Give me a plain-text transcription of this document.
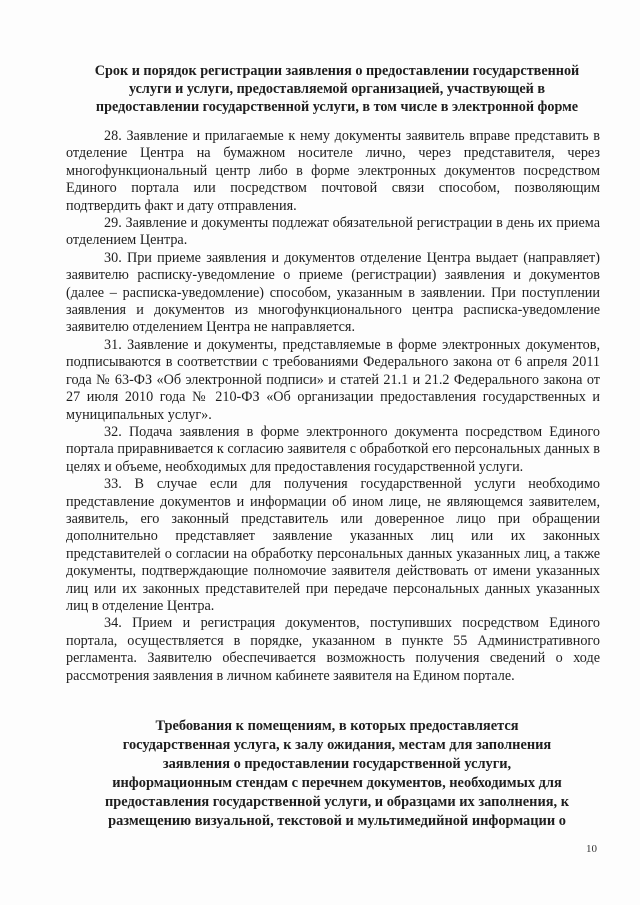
Срок и порядок регистрации заявления о предоставлении государственной
услуги и услуги, предоставляемой организацией, участвующей в
предоставлении государственной услуги, в том числе в электронной форме

28. Заявление и прилагаемые к нему документы заявитель вправе представить в отделение Центра на бумажном носителе лично, через представителя, через многофункциональный центр либо в форме электронных документов посредством Единого портала или посредством почтовой связи способом, позволяющим подтвердить факт и дату отправления.

29. Заявление и документы подлежат обязательной регистрации в день их приема отделением Центра.

30. При приеме заявления и документов отделение Центра выдает (направляет) заявителю расписку-уведомление о приеме (регистрации) заявления и документов (далее – расписка-уведомление) способом, указанным в заявлении. При поступлении заявления и документов из многофункционального центра расписка-уведомление заявителю отделением Центра не направляется.

31. Заявление и документы, представляемые в форме электронных документов, подписываются в соответствии с требованиями Федерального закона от 6 апреля 2011 года № 63-ФЗ «Об электронной подписи» и статей 21.1 и 21.2 Федерального закона от 27 июля 2010 года № 210-ФЗ «Об организации предоставления государственных и муниципальных услуг».

32. Подача заявления в форме электронного документа посредством Единого портала приравнивается к согласию заявителя с обработкой его персональных данных в целях и объеме, необходимых для предоставления государственной услуги.

33. В случае если для получения государственной услуги необходимо представление документов и информации об ином лице, не являющемся заявителем, заявитель, его законный представитель или доверенное лицо при обращении дополнительно представляет заявление указанных лиц или их законных представителей о согласии на обработку персональных данных указанных лиц, а также документы, подтверждающие полномочие заявителя действовать от имени указанных лиц или их законных представителей при передаче персональных данных указанных лиц в отделение Центра.

34. Прием и регистрация документов, поступивших посредством Единого портала, осуществляется в порядке, указанном в пункте 55 Административного регламента. Заявителю обеспечивается возможность получения сведений о ходе рассмотрения заявления в личном кабинете заявителя на Едином портале.

Требования к помещениям, в которых предоставляется
государственная услуга, к залу ожидания, местам для заполнения
заявления о предоставлении государственной услуги,
информационным стендам с перечнем документов, необходимых для
предоставления государственной услуги, и образцами их заполнения, к
размещению визуальной, текстовой и мультимедийной информации о
10
